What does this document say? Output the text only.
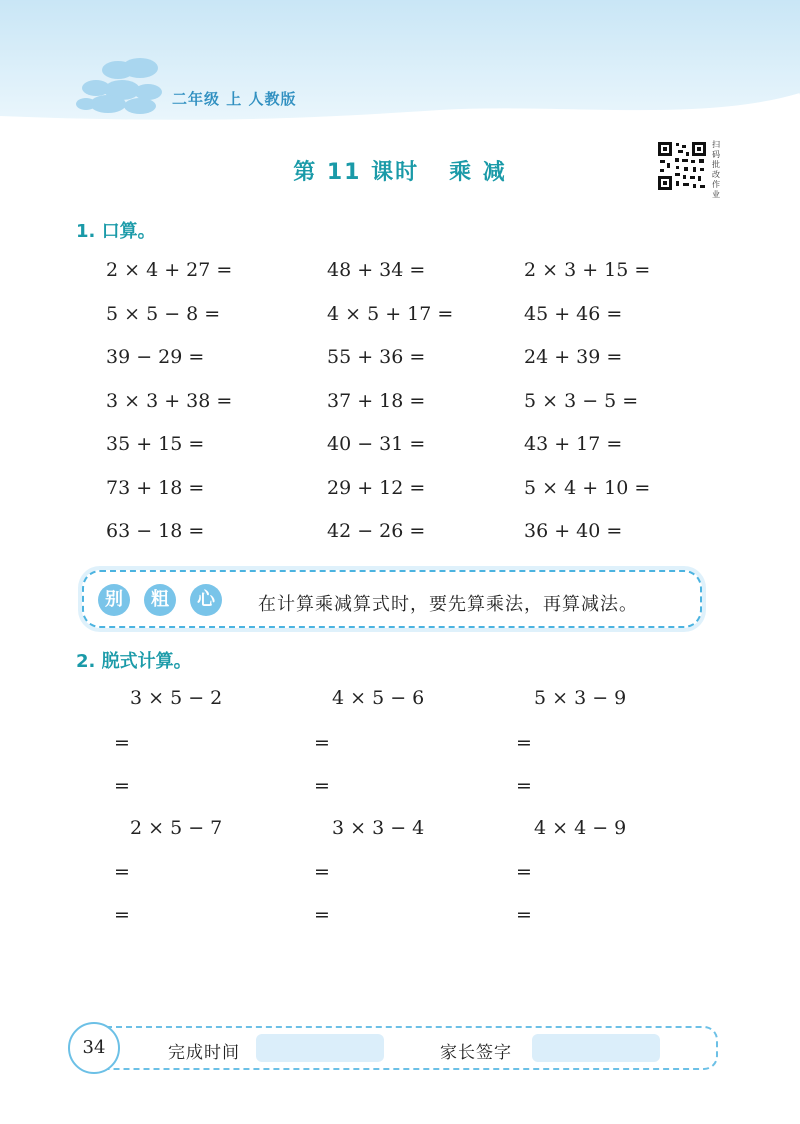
二年级 上 人教版
第 11 课时 乘 减
扫码批改作业
1. 口算。
2 × 4 + 27 =	48 + 34 =	2 × 3 + 15 =
5 × 5 − 8 =	4 × 5 + 17 =	45 + 46 =
39 − 29 =	55 + 36 =	24 + 39 =
3 × 3 + 38 =	37 + 18 =	5 × 3 − 5 =
35 + 15 =	40 − 31 =	43 + 17 =
73 + 18 =	29 + 12 =	5 × 4 + 10 =
63 − 18 =	42 − 26 =	36 + 40 =
别	粗	心	在计算乘减算式时，要先算乘法，再算减法。
2. 脱式计算。
3 × 5 − 2	4 × 5 − 6	5 × 3 − 9
=	=	=
=	=	=
2 × 5 − 7	3 × 3 − 4	4 × 4 − 9
=	=	=
=	=	=
34	完成时间	家长签字
